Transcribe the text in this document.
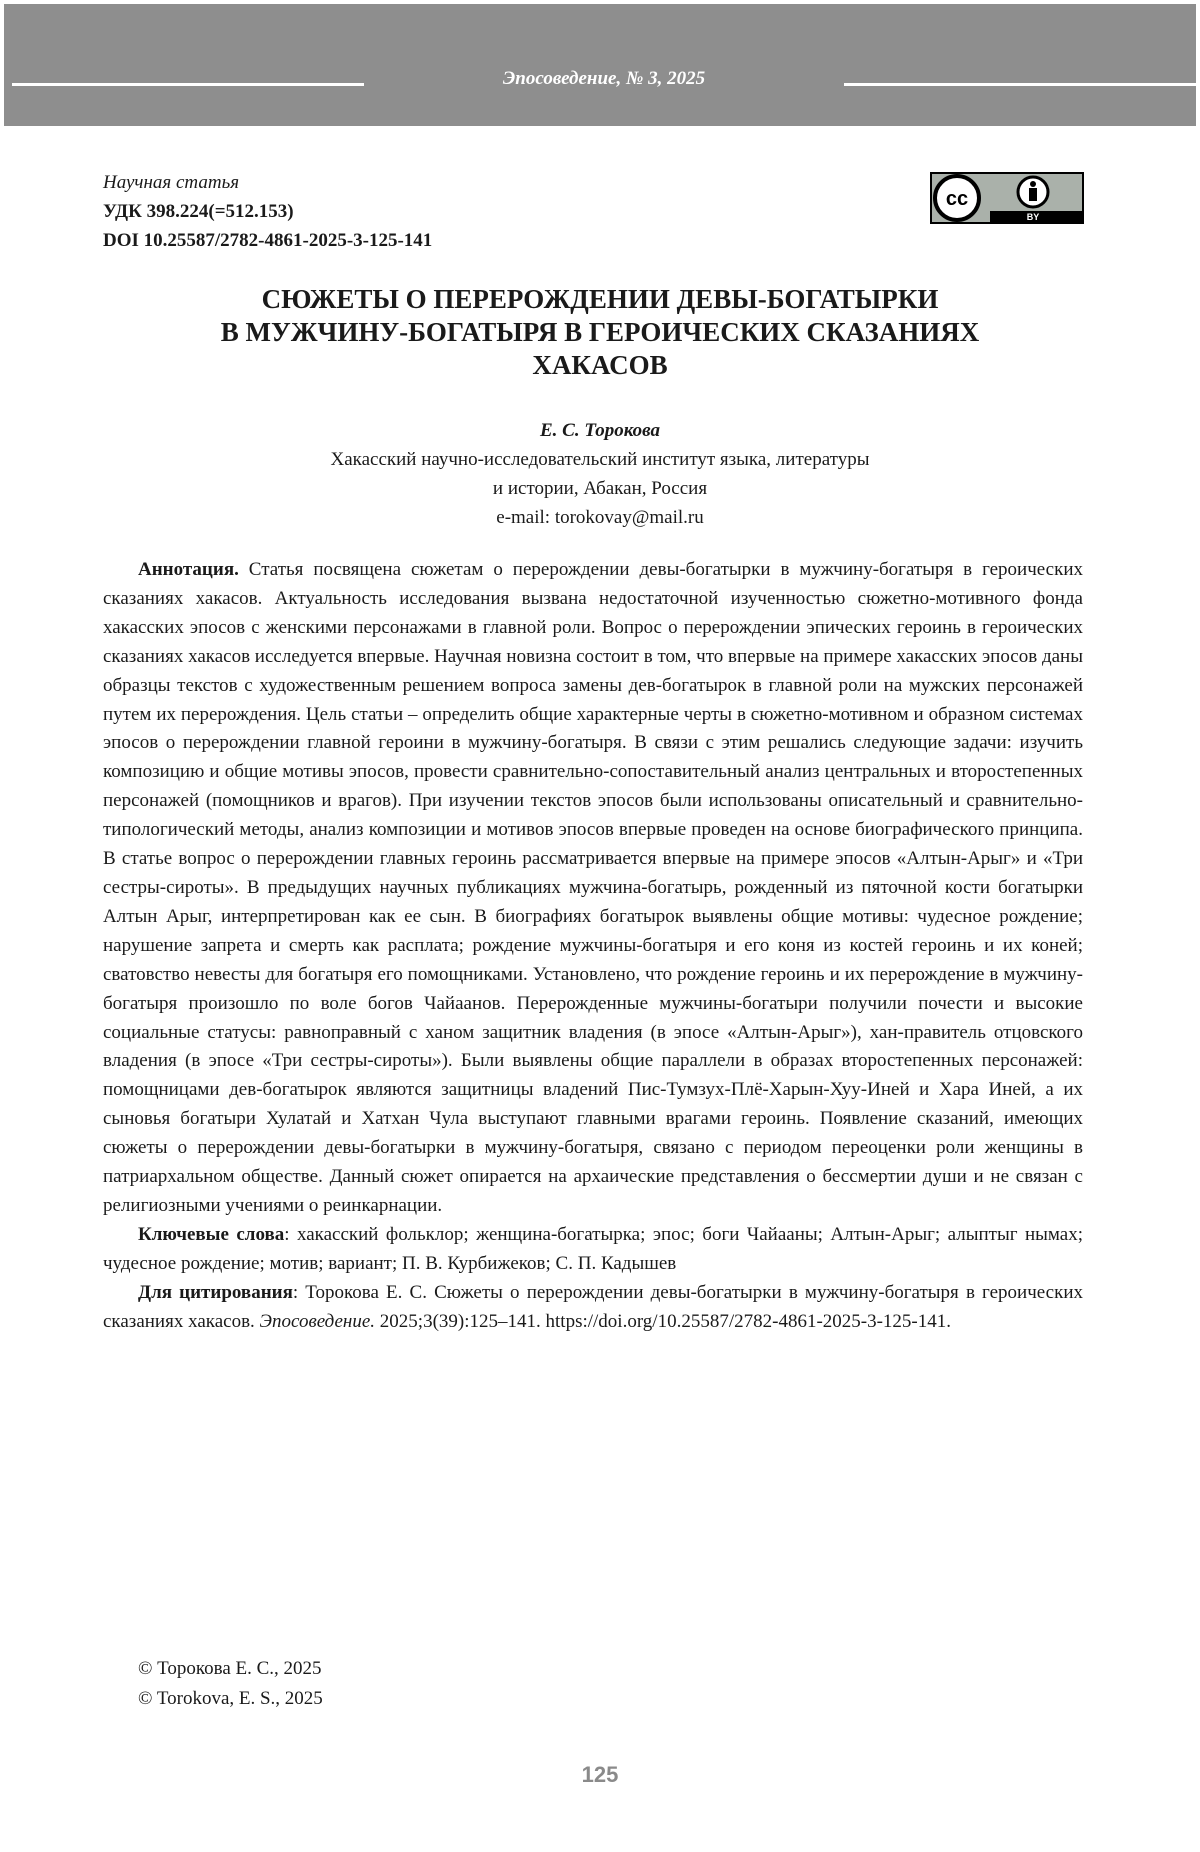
Эпосоведение, № 3, 2025
Научная статья
УДК 398.224(=512.153)
DOI 10.25587/2782-4861-2025-3-125-141
cc
BY
СЮЖЕТЫ О ПЕРЕРОЖДЕНИИ ДЕВЫ-БОГАТЫРКИ
В МУЖЧИНУ-БОГАТЫРЯ В ГЕРОИЧЕСКИХ СКАЗАНИЯХ
ХАКАСОВ
Е. С. Торокова
Хакасский научно-исследовательский институт языка, литературы
и истории, Абакан, Россия
e-mail: torokovay@mail.ru

Аннотация. Статья посвящена сюжетам о перерождении девы-богатырки в мужчину-богатыря в героических сказаниях хакасов. Актуальность исследования вызвана недостаточной изученностью сюжетно-мотивного фонда хакасских эпосов с женскими персонажами в главной роли. Вопрос о перерождении эпических героинь в героических сказаниях хакасов исследуется впервые. Научная новизна состоит в том, что впервые на примере хакасских эпосов даны образцы текстов с художественным решением вопроса замены дев-богатырок в главной роли на мужских персонажей путем их перерождения. Цель статьи – определить общие характерные черты в сюжетно-мотивном и образном системах эпосов о перерождении главной героини в мужчину-богатыря. В связи с этим решались следующие задачи: изучить композицию и общие мотивы эпосов, провести сравнительно-сопоставительный анализ центральных и второстепенных персонажей (помощников и врагов). При изучении текстов эпосов были использованы описательный и сравнительно-типологический методы, анализ композиции и мотивов эпосов впервые проведен на основе биографического принципа. В статье вопрос о перерождении главных героинь рассматривается впервые на примере эпосов «Алтын-Арыг» и «Три сестры-сироты». В предыдущих научных публикациях мужчина-богатырь, рожденный из пяточной кости богатырки Алтын Арыг, интерпретирован как ее сын. В биографиях богатырок выявлены общие мотивы: чудесное рождение; нарушение запрета и смерть как расплата; рождение мужчины-богатыря и его коня из костей героинь и их коней; сватовство невесты для богатыря его помощниками. Установлено, что рождение героинь и их перерождение в мужчину-богатыря произошло по воле богов Чайаанов. Перерожденные мужчины-богатыри получили почести и высокие социальные статусы: равноправный с ханом защитник владения (в эпосе «Алтын-Арыг»), хан-правитель отцовского владения (в эпосе «Три сестры-сироты»). Были выявлены общие параллели в образах второстепенных персонажей: помощницами дев-богатырок являются защитницы владений Пис-Тумзух-Плё-Харын-Хуу-Иней и Хара Иней, а их сыновья богатыри Хулатай и Хатхан Чула выступают главными врагами героинь. Появление сказаний, имеющих сюжеты о перерождении девы-богатырки в мужчину-богатыря, связано с периодом переоценки роли женщины в патриархальном обществе. Данный сюжет опирается на архаические представления о бессмертии души и не связан с религиозными учениями о реинкарнации.

Ключевые слова: хакасский фольклор; женщина-богатырка; эпос; боги Чайааны; Алтын-Арыг; алыптыг нымах; чудесное рождение; мотив; вариант; П. В. Курбижеков; С. П. Кадышев

Для цитирования: Торокова Е. С. Сюжеты о перерождении девы-богатырки в мужчину-богатыря в героических сказаниях хакасов. Эпосоведение. 2025;3(39):125–141. https://doi.org/10.25587/2782-4861-2025-3-125-141.

© Торокова Е. С., 2025
© Torokova, E. S., 2025
125
